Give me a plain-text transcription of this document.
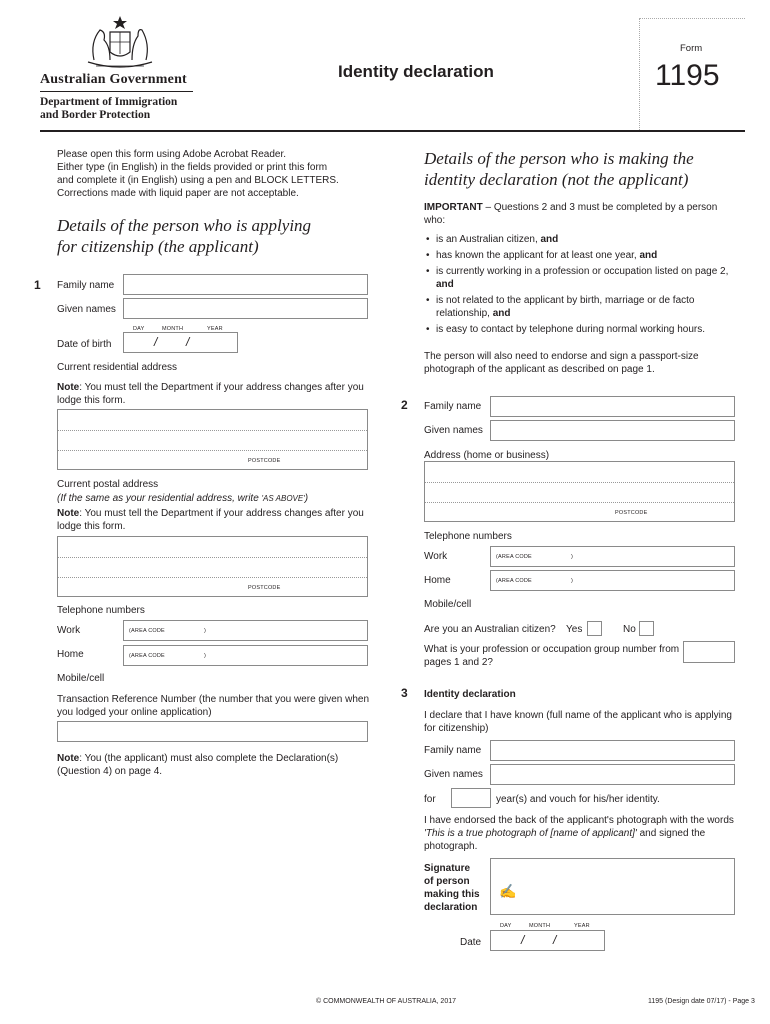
Australian Government
Department of Immigration
and Border Protection
Identity declaration
Form
1195
Please open this form using Adobe Acrobat Reader.
Either type (in English) in the fields provided or print this form
and complete it (in English) using a pen and BLOCK LETTERS.
Corrections made with liquid paper are not acceptable.
Details of the person who is applying
for citizenship (the applicant)
1 Family name
Given names
DAY	MONTH	YEAR
Date of birth	/ /
Current residential address
Note: You must tell the Department if your address changes after you
lodge this form.
POSTCODE
Current postal address
(If the same as your residential address, write 'AS ABOVE')
Note: You must tell the Department if your address changes after you
lodge this form.
POSTCODE
Telephone numbers
Work	(AREA CODE	)
Home	(AREA CODE	)
Mobile/cell
Transaction Reference Number (the number that you were given when
you lodged your online application)
Note: You (the applicant) must also complete the Declaration(s)
(Question 4) on page 4.
Details of the person who is making the
identity declaration (not the applicant)
IMPORTANT – Questions 2 and 3 must be completed by a person
who:
• is an Australian citizen, and
• has known the applicant for at least one year, and
• is currently working in a profession or occupation listed on page 2,
and
• is not related to the applicant by birth, marriage or de facto relationship, and
• is easy to contact by telephone during normal working hours.
The person will also need to endorse and sign a passport-size
photograph of the applicant as described on page 1.
2 Family name
Given names
Address (home or business)
POSTCODE
Telephone numbers
Work	(AREA CODE	)
Home	(AREA CODE	)
Mobile/cell
Are you an Australian citizen? Yes	No
What is your profession or occupation group number from
pages 1 and 2?
3 Identity declaration
I declare that I have known (full name of the applicant who is applying
for citizenship)
Family name
Given names
for	year(s) and vouch for his/her identity.
I have endorsed the back of the applicant's photograph with the words
'This is a true photograph of [name of applicant]' and signed the
photograph.
Signature
of person
making this
declaration
✍
DAY	MONTH	YEAR
Date	/ /
© COMMONWEALTH OF AUSTRALIA, 2017	1195 (Design date 07/17) - Page 3
